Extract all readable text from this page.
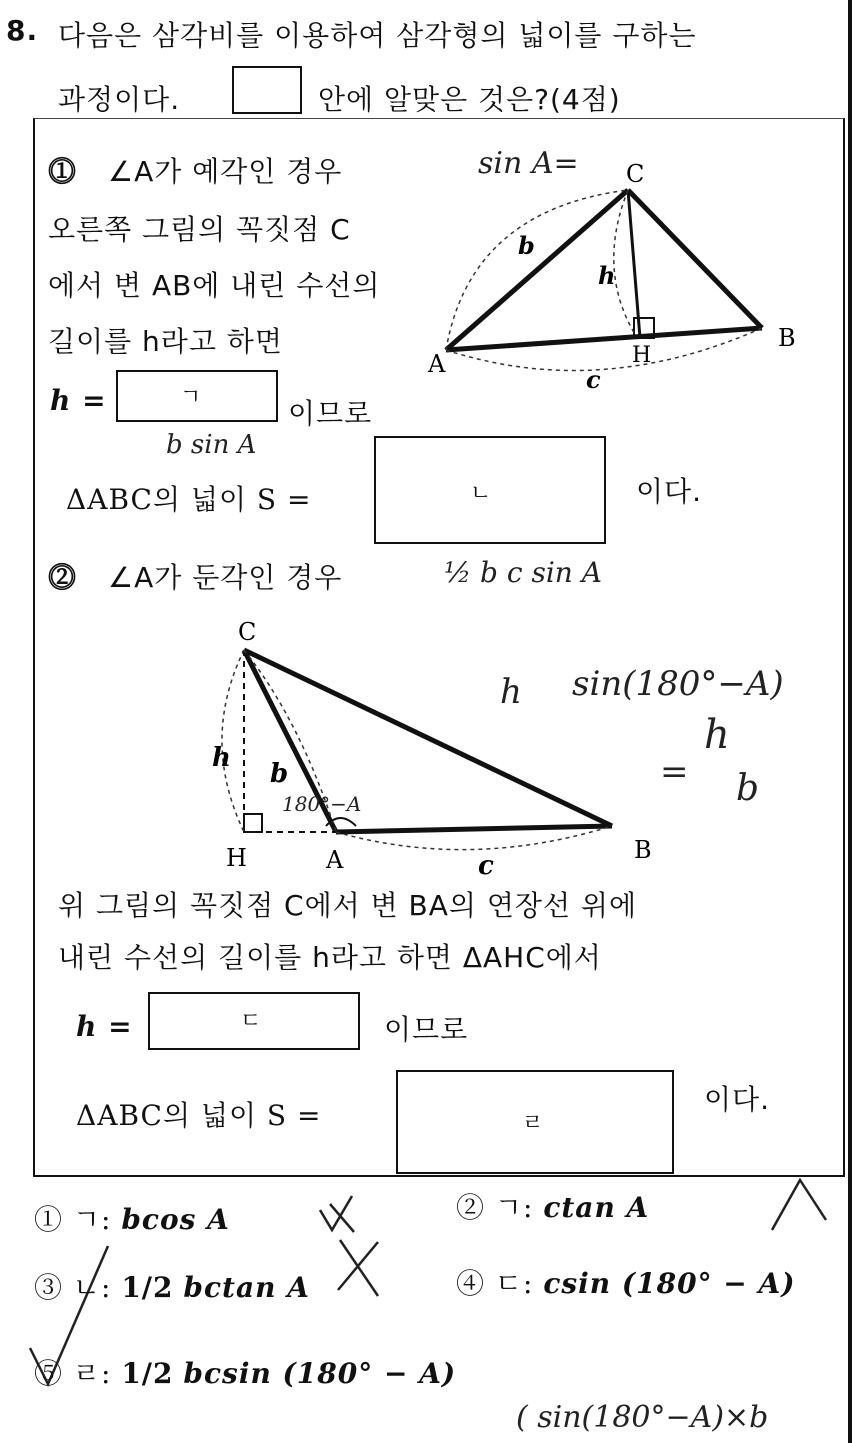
8. 다음은 삼각비를 이용하여 삼각형의 넓이를 구하는
과정이다.	안에 알맞은 것은?(4점)
⓵ ∠A가 예각인 경우
오른쪽 그림의 꼭짓점 C
에서 변 AB에 내린 수선의
길이를 h라고 하면
h =	ㄱ	이므로
ΔABC의 넓이 S =	ㄴ	이다.
C
A
B
H
b
h
c
C
H	A	B
h
b
c
⓶ ∠A가 둔각인 경우
위 그림의 꼭짓점 C에서 변 BA의 연장선 위에
내린 수선의 길이를 h라고 하면 ΔAHC에서
h =	ㄷ	이므로
ΔABC의 넓이 S =	ㄹ
이다.
① ㄱ: bcos A	② ㄱ: ctan A
③ ㄴ: 1/2 bctan A	④ ㄷ: csin (180° − A)
⑤ ㄹ: 1/2 bcsin (180° − A)
sin A=
b sin A
½ b c sin A
h sin(180°−A)
h
= b
180°−A
( sin(180°−A)×b
